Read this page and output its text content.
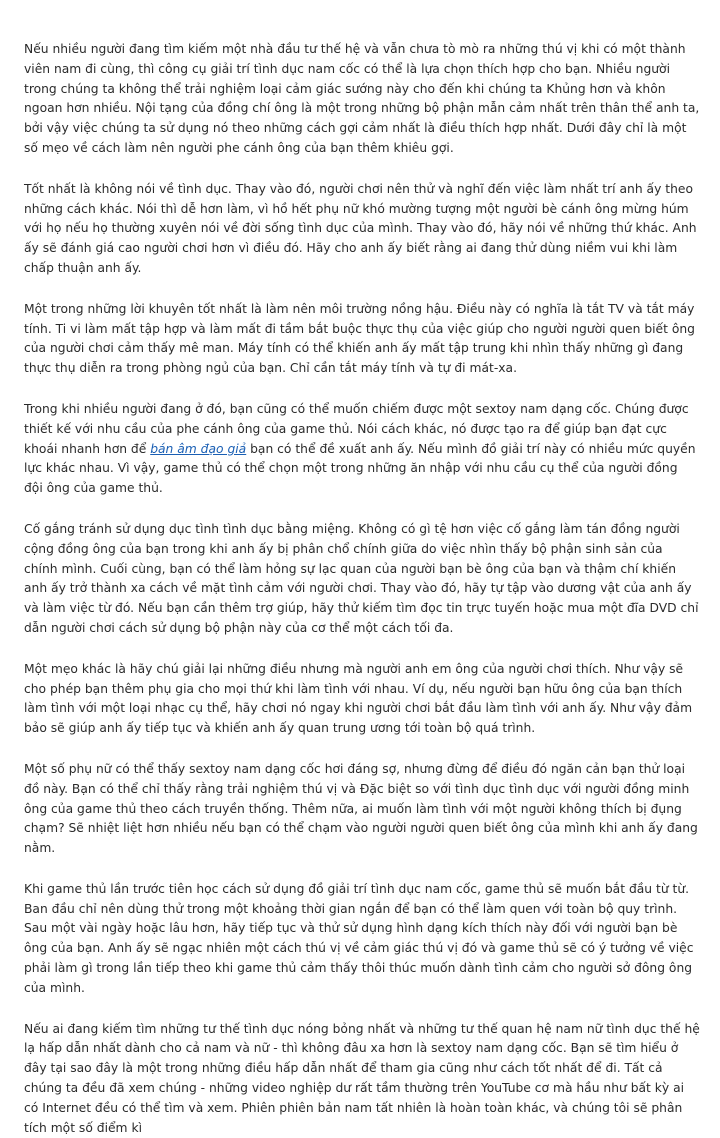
Nếu nhiều người đang tìm kiếm một nhà đầu tư thế hệ và vẫn chưa tò mò ra những thú vị khi có một thành viên nam đi cùng, thì công cụ giải trí tình dục nam cốc có thể là lựa chọn thích hợp cho bạn. Nhiều người trong chúng ta không thể trải nghiệm loại cảm giác sướng này cho đến khi chúng ta Khủng hơn và khôn ngoan hơn nhiều. Nội tạng của đồng chí ông là một trong những bộ phận mẫn cảm nhất trên thân thể anh ta, bởi vậy việc chúng ta sử dụng nó theo những cách gợi cảm nhất là điều thích hợp nhất. Dưới đây chỉ là một số mẹo về cách làm nên người phe cánh ông của bạn thêm khiêu gợi.

Tốt nhất là không nói về tình dục. Thay vào đó, người chơi nên thử và nghĩ đến việc làm nhất trí anh ấy theo những cách khác. Nói thì dễ hơn làm, vì hồ hết phụ nữ khó mường tượng một người bè cánh ông mừng húm với họ nếu họ thường xuyên nói về đời sống tình dục của mình. Thay vào đó, hãy nói về những thứ khác. Anh ấy sẽ đánh giá cao người chơi hơn vì điều đó. Hãy cho anh ấy biết rằng ai đang thử dùng niềm vui khi làm chấp thuận anh ấy.

Một trong những lời khuyên tốt nhất là làm nên môi trường nồng hậu. Điều này có nghĩa là tắt TV và tắt máy tính. Ti vi làm mất tập hợp và làm mất đi tầm bắt buộc thực thụ của việc giúp cho người người quen biết ông của người chơi cảm thấy mê man. Máy tính có thể khiến anh ấy mất tập trung khi nhìn thấy những gì đang thực thụ diễn ra trong phòng ngủ của bạn. Chỉ cần tắt máy tính và tự đi mát-xa.

Trong khi nhiều người đang ở đó, bạn cũng có thể muốn chiếm được một sextoy nam dạng cốc. Chúng được thiết kế với nhu cầu của phe cánh ông của game thủ. Nói cách khác, nó được tạo ra để giúp bạn đạt cực khoái nhanh hơn để bán âm đạo giả bạn có thể đề xuất anh ấy. Nếu mình đồ giải trí này có nhiều mức quyền lực khác nhau. Vì vậy, game thủ có thể chọn một trong những ăn nhập với nhu cầu cụ thể của người đồng đội ông của game thủ.

Cố gắng tránh sử dụng dục tình tình dục bằng miệng. Không có gì tệ hơn việc cố gắng làm tán đồng người cộng đồng ông của bạn trong khi anh ấy bị phân chổ chính giữa do việc nhìn thấy bộ phận sinh sản của chính mình. Cuối cùng, bạn có thể làm hỏng sự lạc quan của người bạn bè ông của bạn và thậm chí khiến anh ấy trở thành xa cách về mặt tình cảm với người chơi. Thay vào đó, hãy tự tập vào dương vật của anh ấy và làm việc từ đó. Nếu bạn cần thêm trợ giúp, hãy thử kiếm tìm đọc tin trực tuyến hoặc mua một đĩa DVD chỉ dẫn người chơi cách sử dụng bộ phận này của cơ thể một cách tối đa.

Một mẹo khác là hãy chú giải lại những điều nhưng mà người anh em ông của người chơi thích. Như vậy sẽ cho phép bạn thêm phụ gia cho mọi thứ khi làm tình với nhau. Ví dụ, nếu người bạn hữu ông của bạn thích làm tình với một loại nhạc cụ thể, hãy chơi nó ngay khi người chơi bắt đầu làm tình với anh ấy. Như vậy đảm bảo sẽ giúp anh ấy tiếp tục và khiến anh ấy quan trung ương tới toàn bộ quá trình.

Một số phụ nữ có thể thấy sextoy nam dạng cốc hơi đáng sợ, nhưng đừng để điều đó ngăn cản bạn thử loại đồ này. Bạn có thể chỉ thấy rằng trải nghiệm thú vị và Đặc biệt so với tình dục tình dục với người đồng minh ông của game thủ theo cách truyền thống. Thêm nữa, ai muốn làm tình với một người không thích bị đụng chạm? Sẽ nhiệt liệt hơn nhiều nếu bạn có thể chạm vào người người quen biết ông của mình khi anh ấy đang nằm.

Khi game thủ lần trước tiên học cách sử dụng đồ giải trí tình dục nam cốc, game thủ sẽ muốn bắt đầu từ từ. Ban đầu chỉ nên dùng thử trong một khoảng thời gian ngắn để bạn có thể làm quen với toàn bộ quy trình. Sau một vài ngày hoặc lâu hơn, hãy tiếp tục và thử sử dụng hình dạng kích thích này đối với người bạn bè ông của bạn. Anh ấy sẽ ngạc nhiên một cách thú vị về cảm giác thú vị đó và game thủ sẽ có ý tưởng về việc phải làm gì trong lần tiếp theo khi game thủ cảm thấy thôi thúc muốn dành tình cảm cho người sở đông ông của mình.

Nếu ai đang kiếm tìm những tư thế tình dục nóng bỏng nhất và những tư thế quan hệ nam nữ tình dục thế hệ lạ hấp dẫn nhất dành cho cả nam và nữ - thì không đâu xa hơn là sextoy nam dạng cốc. Bạn sẽ tìm hiểu ở đây tại sao đây là một trong những điều hấp dẫn nhất để tham gia cũng như cách tốt nhất để đi. Tất cả chúng ta đều đã xem chúng - những video nghiệp dư rất tầm thường trên YouTube cơ mà hầu như bất kỳ ai có Internet đều có thể tìm và xem. Phiên phiên bản nam tất nhiên là hoàn toàn khác, và chúng tôi sẽ phân tích một số điểm kì
